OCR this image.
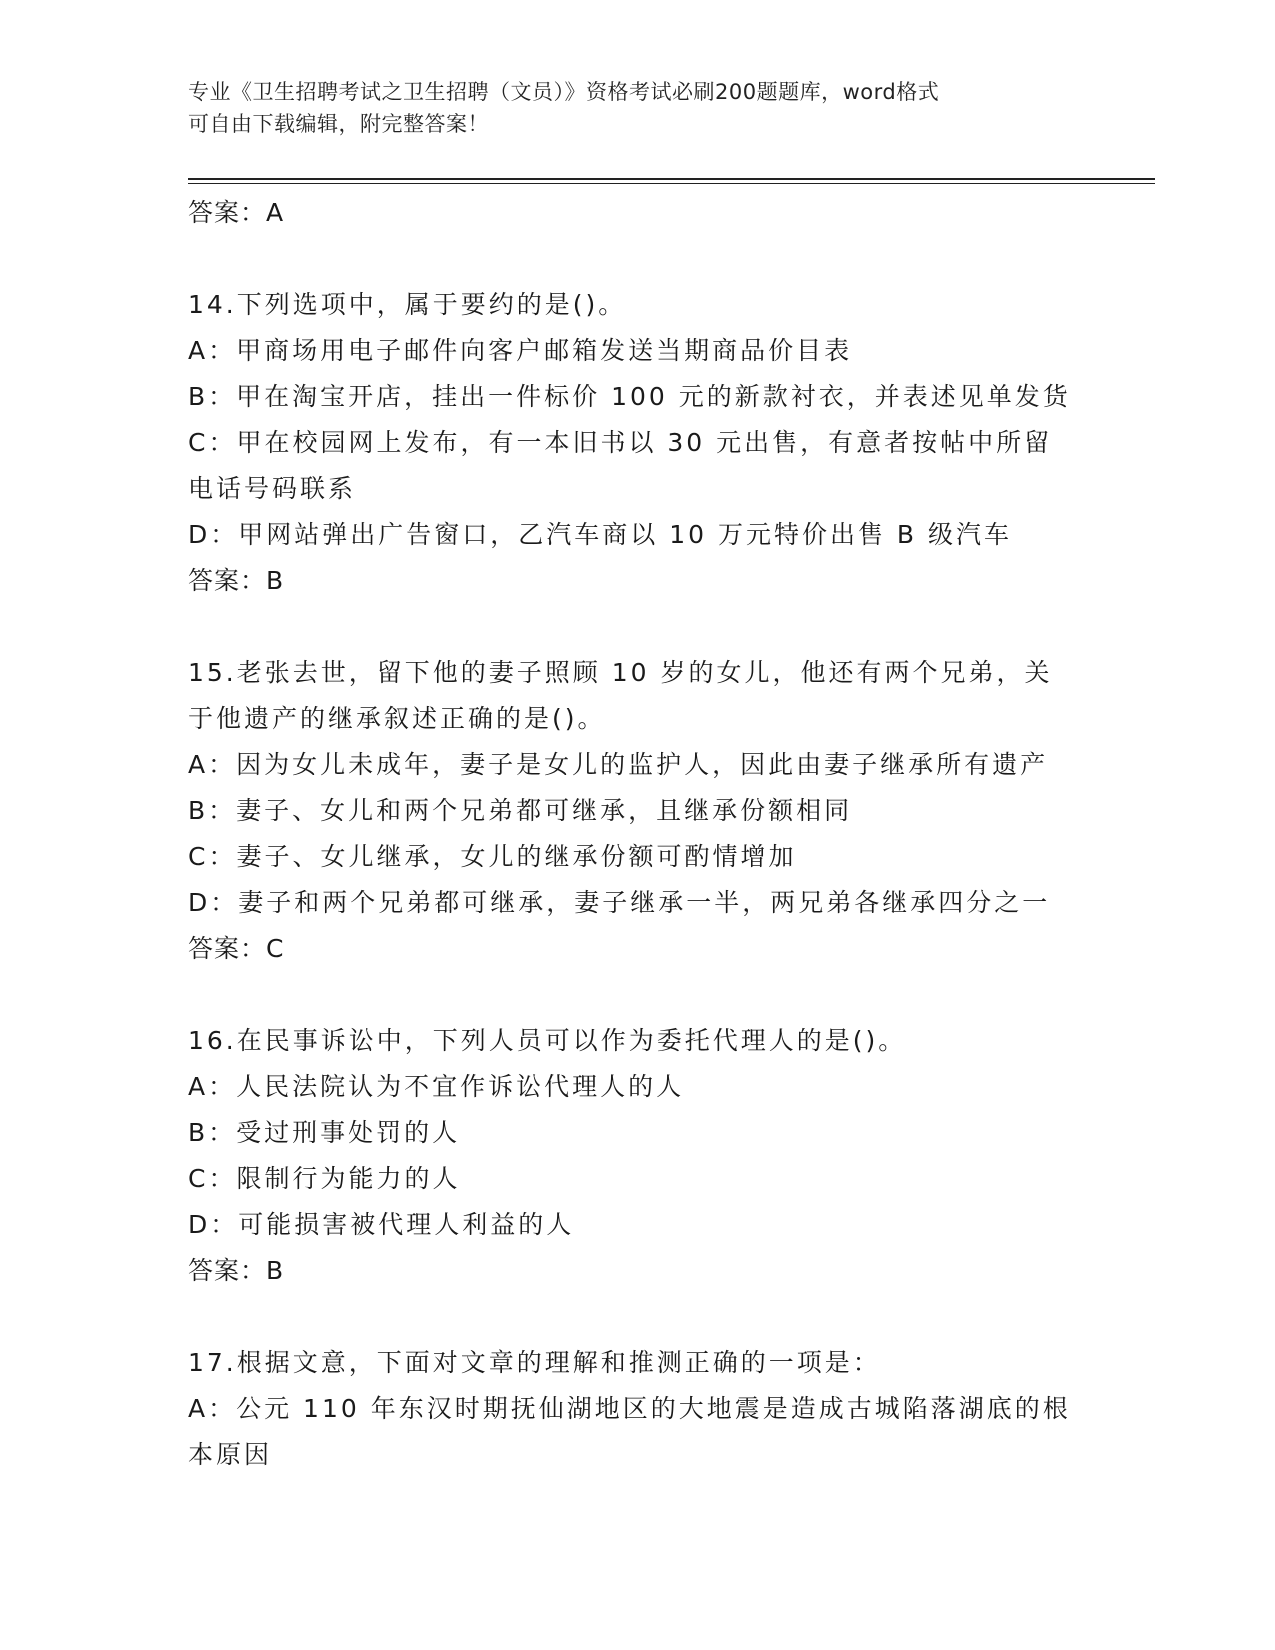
专业《卫生招聘考试之卫生招聘（文员）》资格考试必刷200题题库，word格式
可自由下载编辑，附完整答案！
答案：A
14.下列选项中，属于要约的是()。
A：甲商场用电子邮件向客户邮箱发送当期商品价目表
B：甲在淘宝开店，挂出一件标价 100 元的新款衬衣，并表述见单发货
C：甲在校园网上发布，有一本旧书以 30 元出售，有意者按帖中所留
电话号码联系
D：甲网站弹出广告窗口，乙汽车商以 10 万元特价出售 B 级汽车
答案：B
15.老张去世，留下他的妻子照顾 10 岁的女儿，他还有两个兄弟，关
于他遗产的继承叙述正确的是()。
A：因为女儿未成年，妻子是女儿的监护人，因此由妻子继承所有遗产
B：妻子、女儿和两个兄弟都可继承，且继承份额相同
C：妻子、女儿继承，女儿的继承份额可酌情增加
D：妻子和两个兄弟都可继承，妻子继承一半，两兄弟各继承四分之一
答案：C
16.在民事诉讼中，下列人员可以作为委托代理人的是()。
A：人民法院认为不宜作诉讼代理人的人
B：受过刑事处罚的人
C：限制行为能力的人
D：可能损害被代理人利益的人
答案：B
17.根据文意，下面对文章的理解和推测正确的一项是：
A：公元 110 年东汉时期抚仙湖地区的大地震是造成古城陷落湖底的根
本原因
